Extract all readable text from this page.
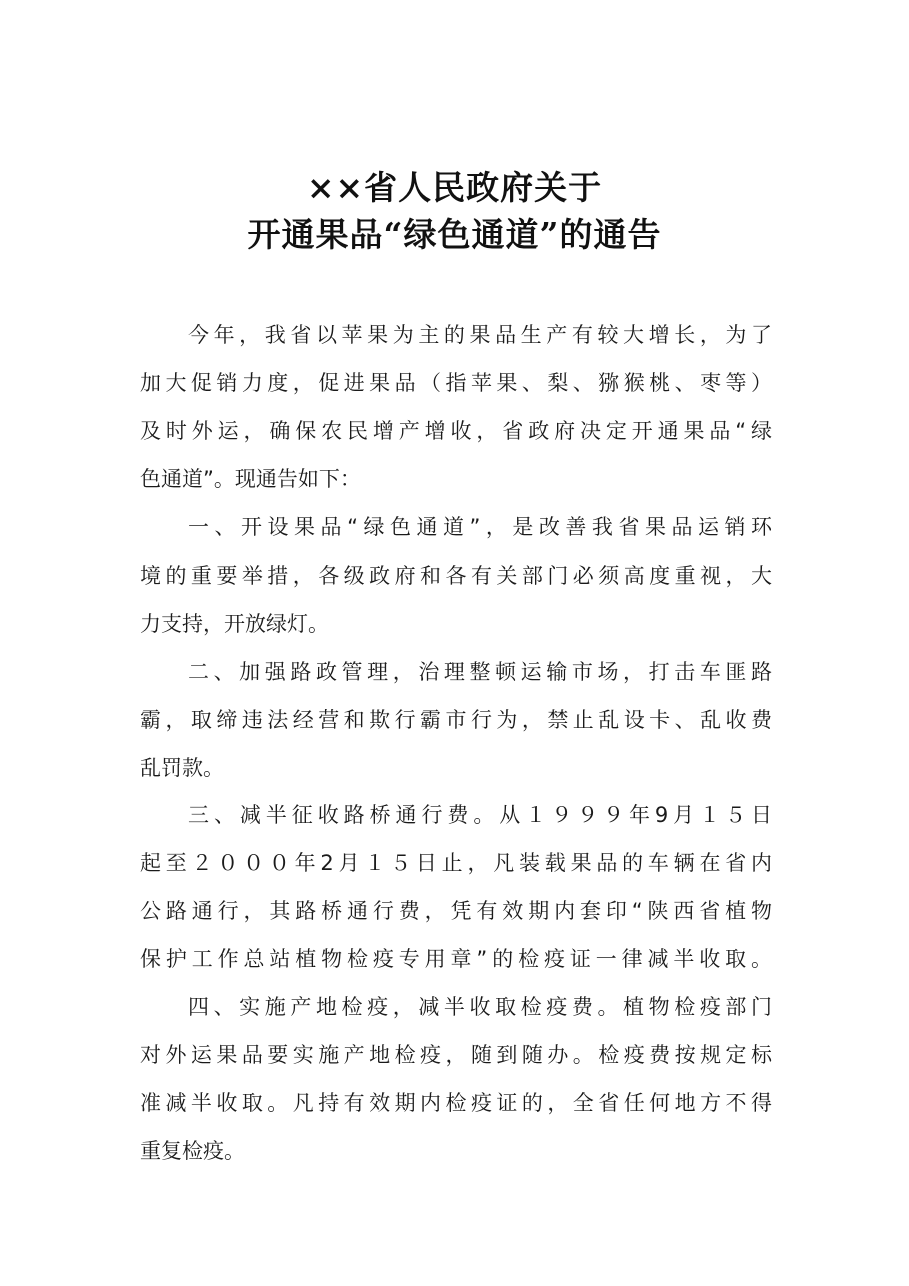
××省人民政府关于
开通果品“绿色通道”的通告
今年，我省以苹果为主的果品生产有较大增长，为了
加大促销力度，促进果品（指苹果、梨、猕猴桃、枣等）
及时外运，确保农民增产增收，省政府决定开通果品“绿
色通道”。现通告如下：
一、开设果品“绿色通道”，是改善我省果品运销环
境的重要举措，各级政府和各有关部门必须高度重视，大
力支持，开放绿灯。
二、加强路政管理，治理整顿运输市场，打击车匪路
霸，取缔违法经营和欺行霸市行为，禁止乱设卡、乱收费
乱罚款。
三、减半征收路桥通行费。从１９９９年9月１５日
起至２０００年2月１５日止，凡装载果品的车辆在省内
公路通行，其路桥通行费，凭有效期内套印“陕西省植物
保护工作总站植物检疫专用章”的检疫证一律减半收取。
四、实施产地检疫，减半收取检疫费。植物检疫部门
对外运果品要实施产地检疫，随到随办。检疫费按规定标
准减半收取。凡持有效期内检疫证的，全省任何地方不得
重复检疫。
